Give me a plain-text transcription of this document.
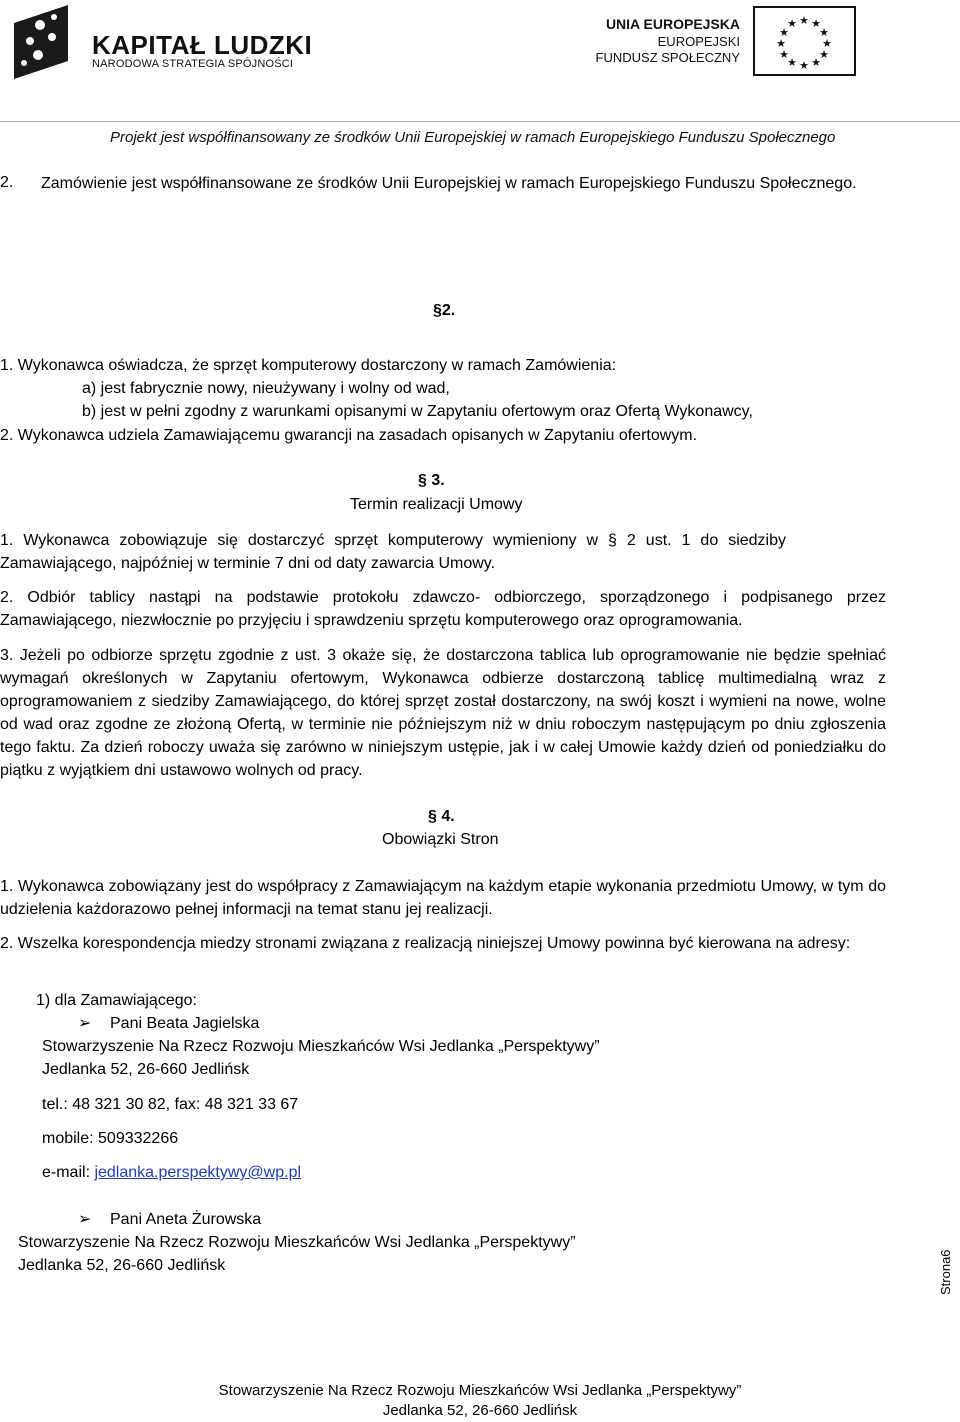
KAPITAŁ LUDZKI
NARODOWA STRATEGIA SPÓJNOŚCI
UNIA EUROPEJSKA
EUROPEJSKI
FUNDUSZ SPOŁECZNY
★ ★
★
★
★
★
★
★
★
★
★
★
Projekt jest współfinansowany ze środków Unii Europejskiej w ramach Europejskiego Funduszu Społecznego
2. Zamówienie jest współfinansowane ze środków Unii Europejskiej w ramach Europejskiego Funduszu Społecznego.
§2.
1. Wykonawca oświadcza, że sprzęt komputerowy dostarczony w ramach Zamówienia:
a) jest fabrycznie nowy, nieużywany i wolny od wad,
b) jest w pełni zgodny z warunkami opisanymi w Zapytaniu ofertowym oraz Ofertą Wykonawcy,
2. Wykonawca udziela Zamawiającemu gwarancji na zasadach opisanych w Zapytaniu ofertowym.
§ 3.
Termin realizacji Umowy
1. Wykonawca zobowiązuje się dostarczyć sprzęt komputerowy wymieniony w § 2 ust. 1 do siedziby Zamawiającego, najpóźniej w terminie 7 dni od daty zawarcia Umowy.
2. Odbiór tablicy nastąpi na podstawie protokołu zdawczo- odbiorczego, sporządzonego i podpisanego przez Zamawiającego, niezwłocznie po przyjęciu i sprawdzeniu sprzętu komputerowego oraz oprogramowania.
3. Jeżeli po odbiorze sprzętu zgodnie z ust. 3 okaże się, że dostarczona tablica lub oprogramowanie nie będzie spełniać wymagań określonych w Zapytaniu ofertowym, Wykonawca odbierze dostarczoną tablicę multimedialną wraz z oprogramowaniem z siedziby Zamawiającego, do której sprzęt został dostarczony, na swój koszt i wymieni na nowe, wolne od wad oraz zgodne ze złożoną Ofertą, w terminie nie późniejszym niż w dniu roboczym następującym po dniu zgłoszenia tego faktu. Za dzień roboczy uważa się zarówno w niniejszym ustępie, jak i w całej Umowie każdy dzień od poniedziałku do piątku z wyjątkiem dni ustawowo wolnych od pracy.
§ 4.
Obowiązki Stron
1. Wykonawca zobowiązany jest do współpracy z Zamawiającym na każdym etapie wykonania przedmiotu Umowy, w tym do udzielenia każdorazowo pełnej informacji na temat stanu jej realizacji.
2. Wszelka korespondencja miedzy stronami związana z realizacją niniejszej Umowy powinna być kierowana na adresy:
1) dla Zamawiającego:
➢ Pani Beata Jagielska
Stowarzyszenie Na Rzecz Rozwoju Mieszkańców Wsi Jedlanka „Perspektywy”
Jedlanka 52, 26-660 Jedlińsk
tel.: 48 321 30 82, fax: 48 321 33 67
mobile: 509332266
e-mail: jedlanka.perspektywy@wp.pl
➢ Pani Aneta Żurowska
Stowarzyszenie Na Rzecz Rozwoju Mieszkańców Wsi Jedlanka „Perspektywy”
Jedlanka 52, 26-660 Jedlińsk	Strona6
Stowarzyszenie Na Rzecz Rozwoju Mieszkańców Wsi Jedlanka „Perspektywy”
Jedlanka 52, 26-660 Jedlińsk
